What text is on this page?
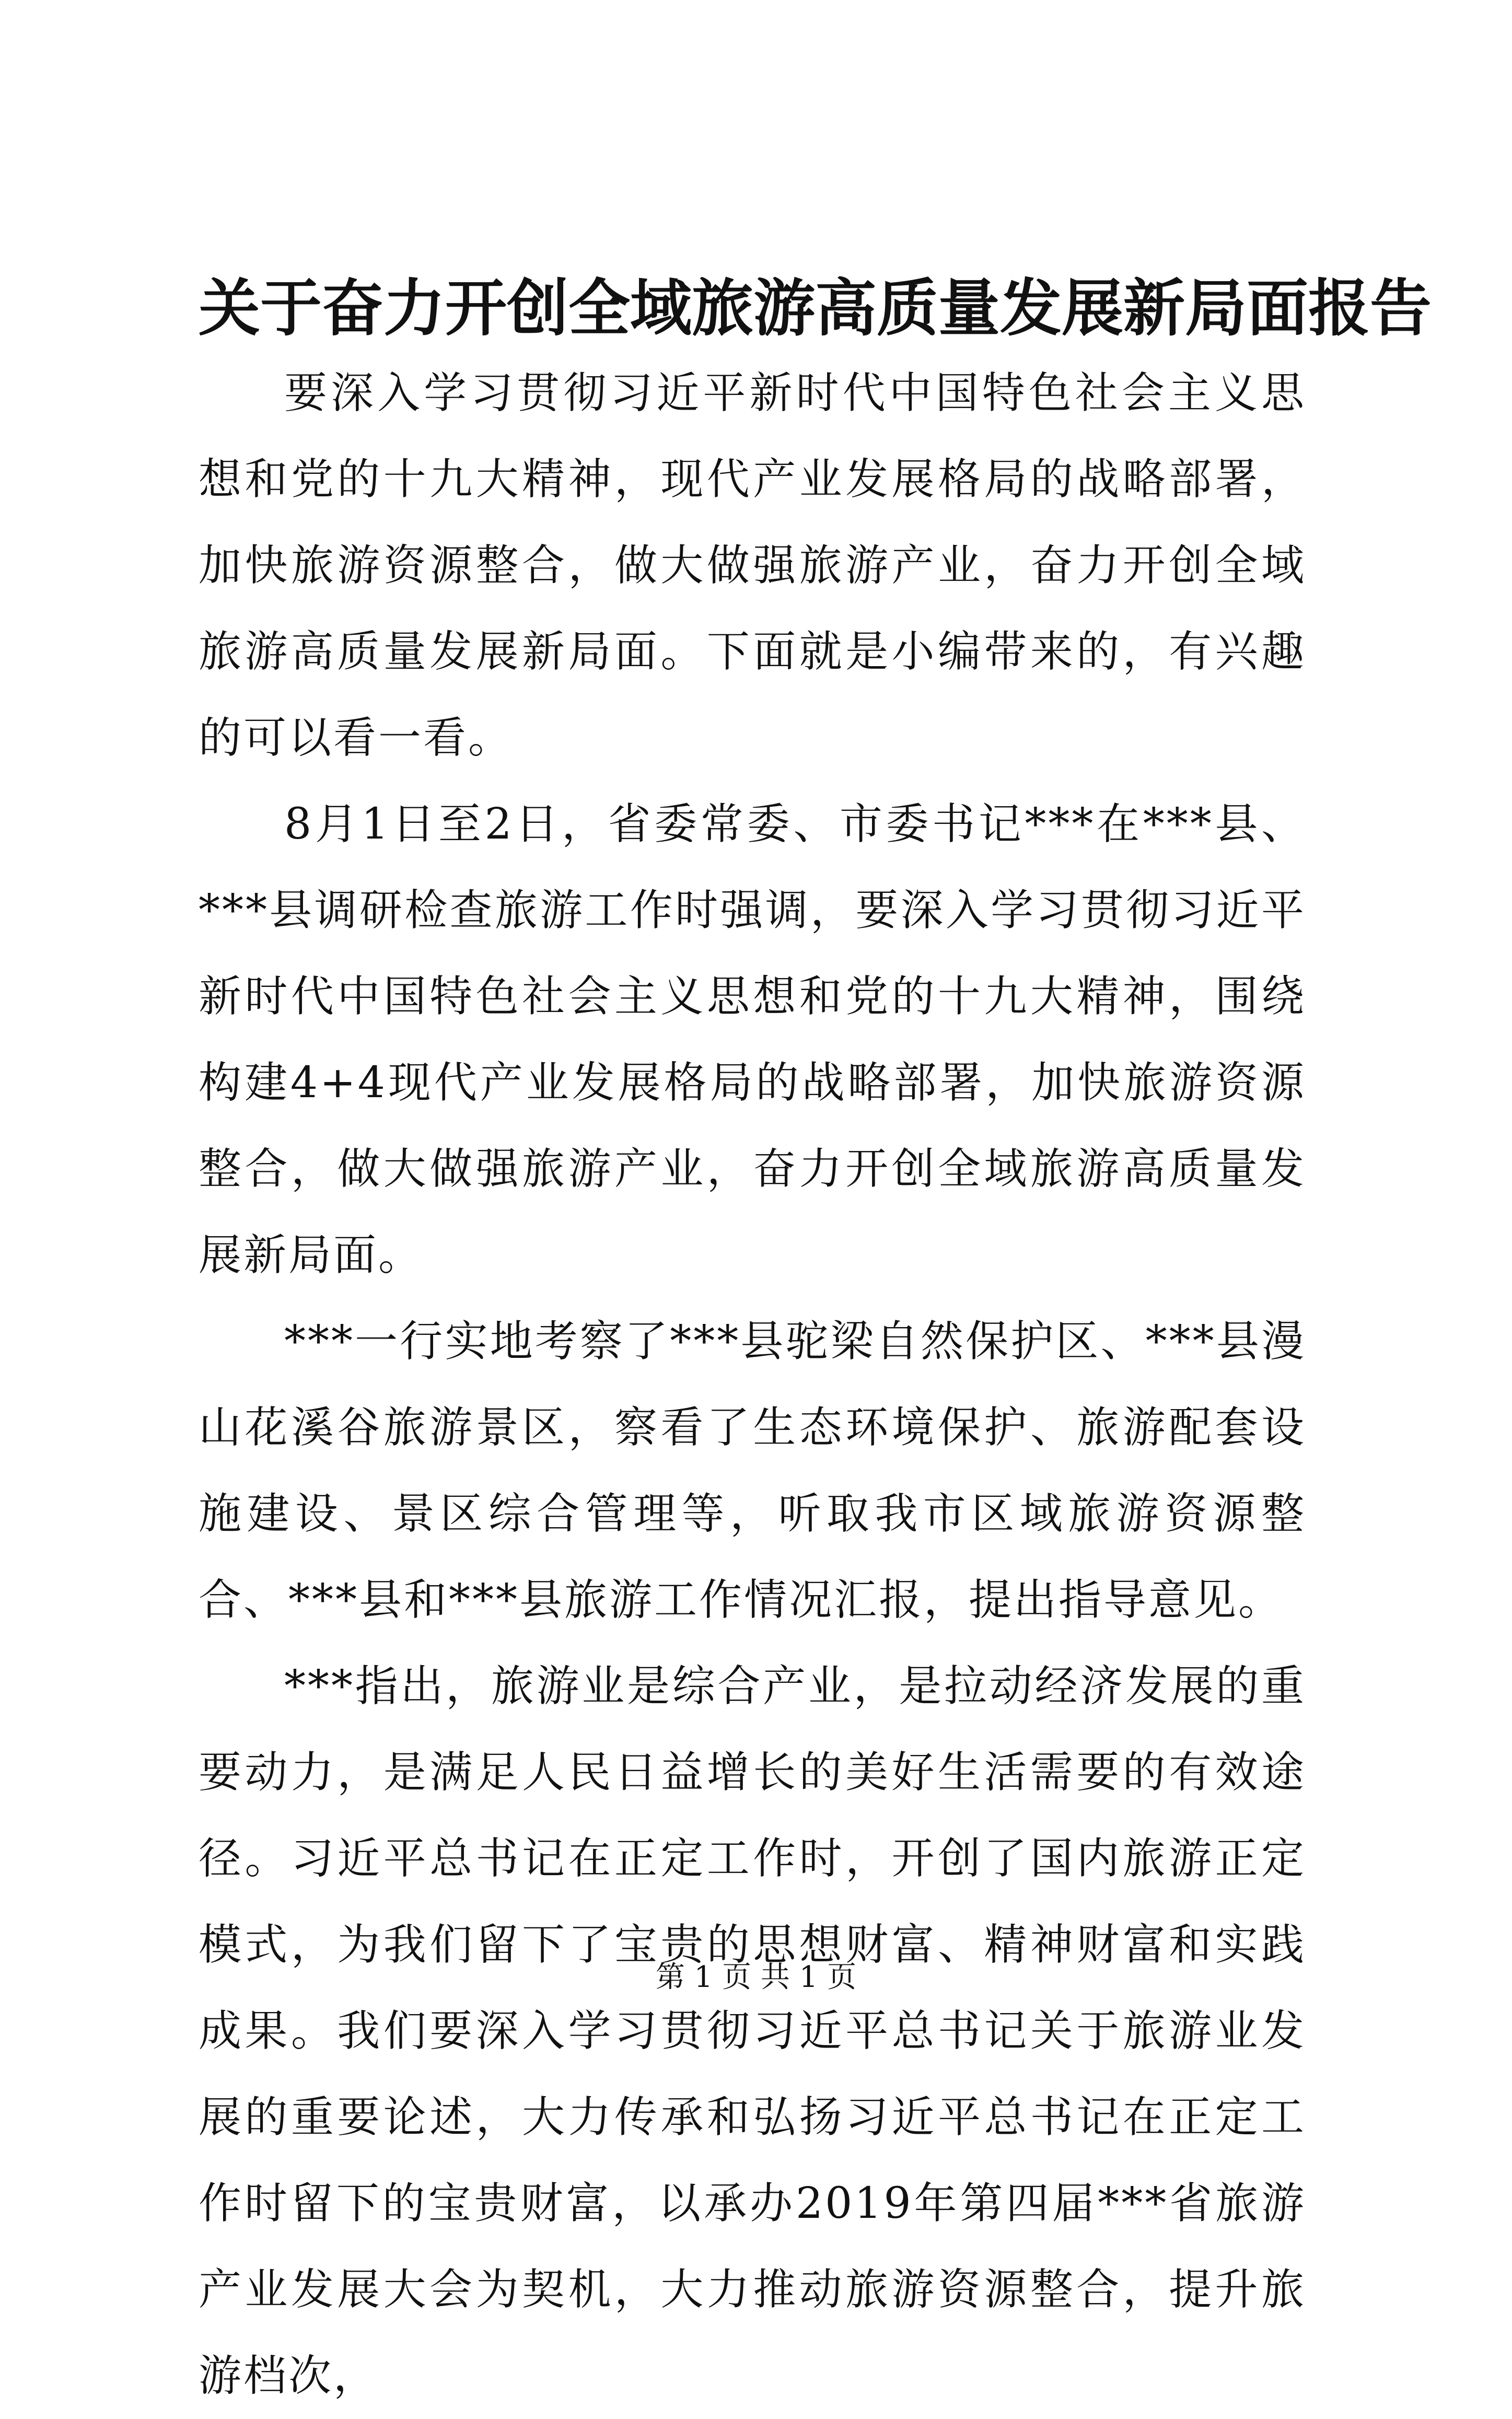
关于奋力开创全域旅游高质量发展新局面报告

要深入学习贯彻习近平新时代中国特色社会主义思想和党的十九大精神，现代产业发展格局的战略部署，加快旅游资源整合，做大做强旅游产业，奋力开创全域旅游高质量发展新局面。下面就是小编带来的，有兴趣的可以看一看。

8月1日至2日，省委常委、市委书记***在***县、***县调研检查旅游工作时强调，要深入学习贯彻习近平新时代中国特色社会主义思想和党的十九大精神，围绕构建4+4现代产业发展格局的战略部署，加快旅游资源整合，做大做强旅游产业，奋力开创全域旅游高质量发展新局面。

***一行实地考察了***县驼梁自然保护区、***县漫山花溪谷旅游景区，察看了生态环境保护、旅游配套设施建设、景区综合管理等，听取我市区域旅游资源整合、***县和***县旅游工作情况汇报，提出指导意见。

***指出，旅游业是综合产业，是拉动经济发展的重要动力，是满足人民日益增长的美好生活需要的有效途径。习近平总书记在正定工作时，开创了国内旅游正定模式，为我们留下了宝贵的思想财富、精神财富和实践成果。我们要深入学习贯彻习近平总书记关于旅游业发展的重要论述，大力传承和弘扬习近平总书记在正定工作时留下的宝贵财富，以承办2019年第四届***省旅游产业发展大会为契机，大力推动旅游资源整合，提升旅游档次，

第 1 页 共 1 页
